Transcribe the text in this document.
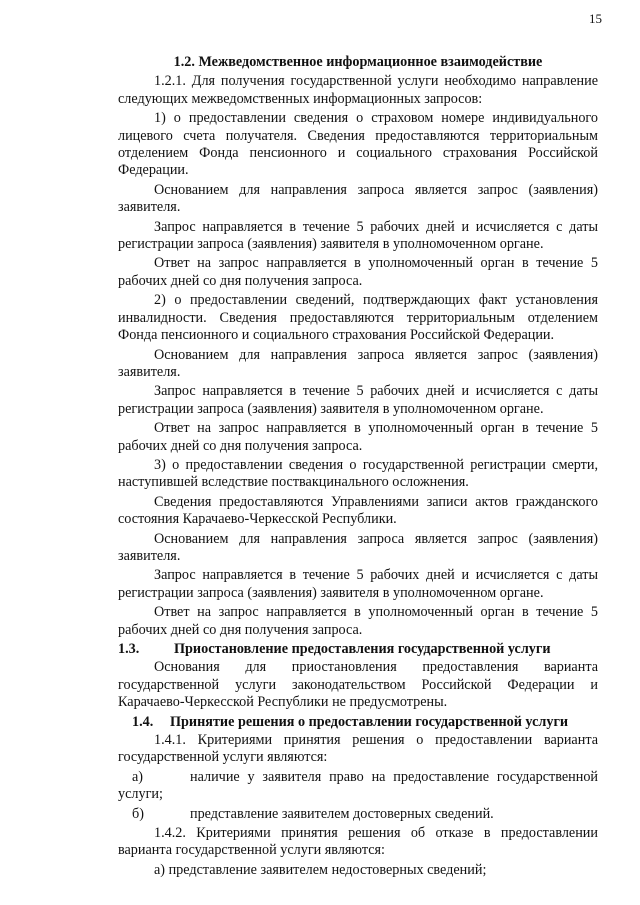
15
1.2. Межведомственное информационное взаимодействие

1.2.1. Для получения государственной услуги необходимо направление следующих межведомственных информационных запросов:

1) о предоставлении сведения о страховом номере индивидуального лицевого счета получателя. Сведения предоставляются территориальным отделением Фонда пенсионного и социального страхования Российской Федерации.

Основанием для направления запроса является запрос (заявления) заявителя.

Запрос направляется в течение 5 рабочих дней и исчисляется с даты регистрации запроса (заявления) заявителя в уполномоченном органе.

Ответ на запрос направляется в уполномоченный орган в течение 5 рабочих дней со дня получения запроса.

2) о предоставлении сведений, подтверждающих факт установления инвалидности. Сведения предоставляются территориальным отделением Фонда пенсионного и социального страхования Российской Федерации.

Основанием для направления запроса является запрос (заявления) заявителя.

Запрос направляется в течение 5 рабочих дней и исчисляется с даты регистрации запроса (заявления) заявителя в уполномоченном органе.

Ответ на запрос направляется в уполномоченный орган в течение 5 рабочих дней со дня получения запроса.

3) о предоставлении сведения о государственной регистрации смерти, наступившей вследствие поствакцинального осложнения.

Сведения предоставляются Управлениями записи актов гражданского состояния Карачаево-Черкесской Республики.

Основанием для направления запроса является запрос (заявления) заявителя.

Запрос направляется в течение 5 рабочих дней и исчисляется с даты регистрации запроса (заявления) заявителя в уполномоченном органе.

Ответ на запрос направляется в уполномоченный орган в течение 5 рабочих дней со дня получения запроса.

1.3. Приостановление предоставления государственной услуги

Основания для приостановления предоставления варианта государственной услуги законодательством Российской Федерации и Карачаево-Черкесской Республики не предусмотрены.

1.4. Принятие решения о предоставлении государственной услуги

1.4.1. Критериями принятия решения о предоставлении варианта государственной услуги являются:

а)	наличие у заявителя право на предоставление государственной услуги;
б)	представление заявителем достоверных сведений.

1.4.2. Критериями принятия решения об отказе в предоставлении варианта государственной услуги являются:

а) представление заявителем недостоверных сведений;
